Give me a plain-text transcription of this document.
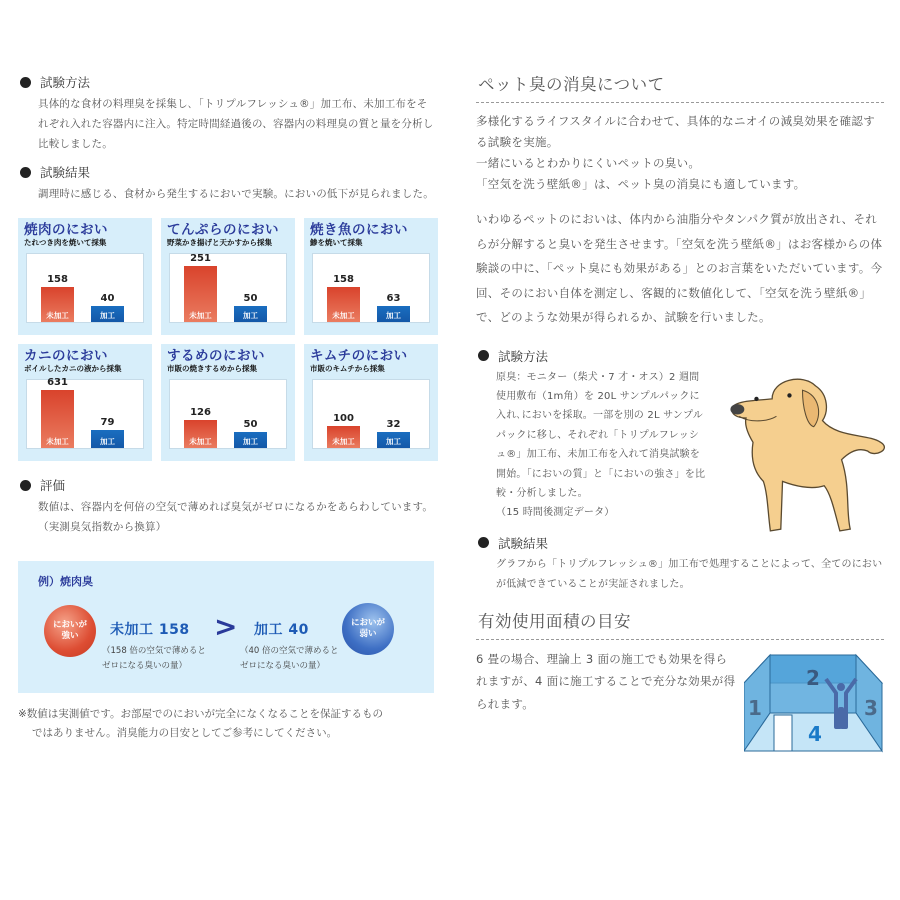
試験方法

具体的な食材の料理臭を採集し､「トリプルフレッシュ®」加工布、未加工布をそれぞれ入れた容器内に注入。特定時間経過後の、容器内の料理臭の質と量を分析し比較しました。

試験結果

調理時に感じる、食材から発生するにおいで実験。においの低下が見られました。

焼肉のにおい
たれつき肉を焼いて採集
158
未加工
40
加工
てんぷらのにおい
野菜かき揚げと天かすから採集
251
未加工
50
加工
焼き魚のにおい
鯵を焼いて採集
158
未加工
63
加工
カニのにおい
ボイルしたカニの液から採集
631
未加工
79
加工
するめのにおい
市販の焼きするめから採集
126
未加工
50
加工
キムチのにおい
市販のキムチから採集
100
未加工
32
加工
評価

数値は、容器内を何倍の空気で薄めれば臭気がゼロになるかをあらわしています。（実測臭気指数から換算）

例）焼肉臭
においが
強い	未加工 158
（158 倍の空気で薄めると
ゼロになる臭いの量）
> 加工 40
（40 倍の空気で薄めると
ゼロになる臭いの量）
においが
弱い
※数値は実測値です。お部屋でのにおいが完全になくなることを保証するもの
ではありません。消臭能力の目安としてご参考にしてください。
ペット臭の消臭について
多様化するライフスタイルに合わせて、具体的なニオイの減臭効果を確認する試験を実施。
一緒にいるとわかりにくいペットの臭い。
「空気を洗う壁紙®」は、ペット臭の消臭にも適しています。

いわゆるペットのにおいは、体内から油脂分やタンパク質が放出され、それらが分解すると臭いを発生させます。「空気を洗う壁紙®」はお客様からの体験談の中に、「ペット臭にも効果がある」とのお言葉をいただいています。今回、そのにおい自体を測定し、客観的に数値化して、「空気を洗う壁紙®」で、どのような効果が得られるか、試験を行いました。

試験方法
原臭：モニター（柴犬・7 才・オス）2 週間使用敷布（1m角）を 20L サンプルパックに入れ､においを採取。一部を別の 2L サンプルパックに移し、それぞれ「トリプルフレッシュ®」加工布、未加工布を入れて消臭試験を開始。「においの質」と「においの強さ」を比較・分析しました。
（15 時間後測定データ）
試験結果

グラフから「トリプルフレッシュ®」加工布で処理することによって、全てのにおいが低減できていることが実証されました。

有効使用面積の目安

6 畳の場合、理論上 3 面の施工でも効果を得られますが、4 面に施工することで充分な効果が得られます。	1
2
3
4
